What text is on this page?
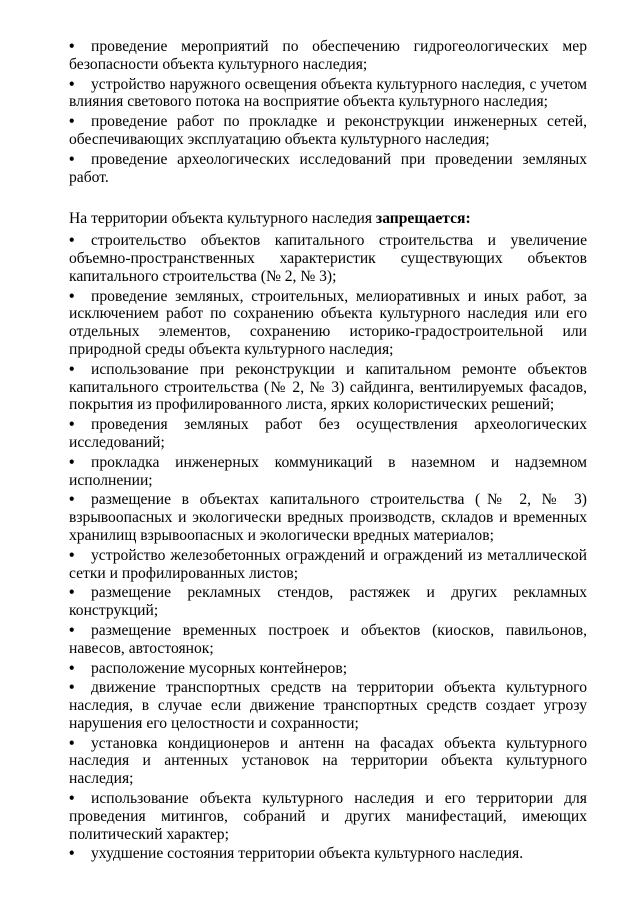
• проведение мероприятий по обеспечению гидрогеологических мер безопасности объекта культурного наследия;
• устройство наружного освещения объекта культурного наследия, с учетом влияния светового потока на восприятие объекта культурного наследия;
• проведение работ по прокладке и реконструкции инженерных сетей, обеспечивающих эксплуатацию объекта культурного наследия;
• проведение археологических исследований при проведении земляных работ.

На территории объекта культурного наследия запрещается:

• строительство объектов капитального строительства и увеличение объемно-пространственных характеристик существующих объектов капитального строительства (№ 2, № 3);
• проведение земляных, строительных, мелиоративных и иных работ, за исключением работ по сохранению объекта культурного наследия или его отдельных элементов, сохранению историко-градостроительной или природной среды объекта культурного наследия;
• использование при реконструкции и капитальном ремонте объектов капитального строительства (№ 2, № 3) сайдинга, вентилируемых фасадов, покрытия из профилированного листа, ярких колористических решений;
• проведения земляных работ без осуществления археологических исследований;
• прокладка инженерных коммуникаций в наземном и надземном исполнении;
• размещение в объектах капитального строительства (№ 2, № 3) взрывоопасных и экологически вредных производств, складов и временных хранилищ взрывоопасных и экологически вредных материалов;
• устройство железобетонных ограждений и ограждений из металлической сетки и профилированных листов;
• размещение рекламных стендов, растяжек и других рекламных конструкций;
• размещение временных построек и объектов (киосков, павильонов, навесов, автостоянок;
• расположение мусорных контейнеров;
• движение транспортных средств на территории объекта культурного наследия, в случае если движение транспортных средств создает угрозу нарушения его целостности и сохранности;
• установка кондиционеров и антенн на фасадах объекта культурного наследия и антенных установок на территории объекта культурного наследия;
• использование объекта культурного наследия и его территории для проведения митингов, собраний и других манифестаций, имеющих политический характер;
• ухудшение состояния территории объекта культурного наследия.
